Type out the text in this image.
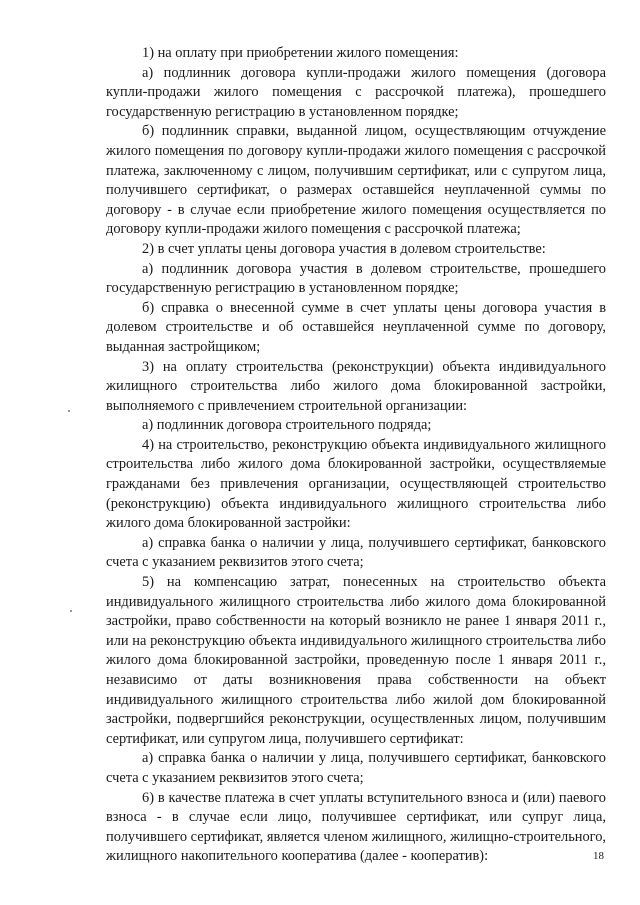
1) на оплату при приобретении жилого помещения:

а) подлинник договора купли-продажи жилого помещения (договора купли-продажи жилого помещения с рассрочкой платежа), прошедшего государственную регистрацию в установленном порядке;

б) подлинник справки, выданной лицом, осуществляющим отчуждение жилого помещения по договору купли-продажи жилого помещения с рассрочкой платежа, заключенному с лицом, получившим сертификат, или с супругом лица, получившего сертификат, о размерах оставшейся неуплаченной суммы по договору - в случае если приобретение жилого помещения осуществляется по договору купли-продажи жилого помещения с рассрочкой платежа;

2) в счет уплаты цены договора участия в долевом строительстве:

а) подлинник договора участия в долевом строительстве, прошедшего государственную регистрацию в установленном порядке;

б) справка о внесенной сумме в счет уплаты цены договора участия в долевом строительстве и об оставшейся неуплаченной сумме по договору, выданная застройщиком;

3) на оплату строительства (реконструкции) объекта индивидуального жилищного строительства либо жилого дома блокированной застройки, выполняемого с привлечением строительной организации:

а) подлинник договора строительного подряда;

4) на строительство, реконструкцию объекта индивидуального жилищного строительства либо жилого дома блокированной застройки, осуществляемые гражданами без привлечения организации, осуществляющей строительство (реконструкцию) объекта индивидуального жилищного строительства либо жилого дома блокированной застройки:

а) справка банка о наличии у лица, получившего сертификат, банковского счета с указанием реквизитов этого счета;

5) на компенсацию затрат, понесенных на строительство объекта индивидуального жилищного строительства либо жилого дома блокированной застройки, право собственности на который возникло не ранее 1 января 2011 г., или на реконструкцию объекта индивидуального жилищного строительства либо жилого дома блокированной застройки, проведенную после 1 января 2011 г., независимо от даты возникновения права собственности на объект индивидуального жилищного строительства либо жилой дом блокированной застройки, подвергшийся реконструкции, осуществленных лицом, получившим сертификат, или супругом лица, получившего сертификат:

а) справка банка о наличии у лица, получившего сертификат, банковского счета с указанием реквизитов этого счета;

6) в качестве платежа в счет уплаты вступительного взноса и (или) паевого взноса - в случае если лицо, получившее сертификат, или супруг лица, получившего сертификат, является членом жилищного, жилищно-строительного, жилищного накопительного кооператива (далее - кооператив):	18
